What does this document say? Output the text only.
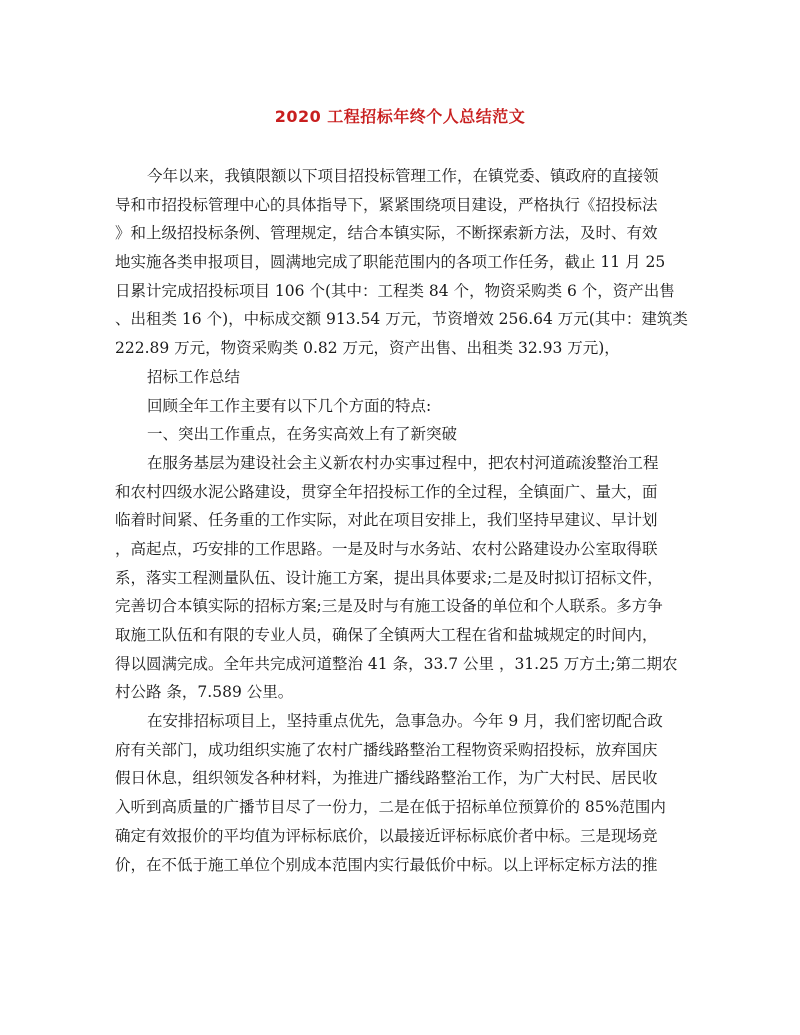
2020 工程招标年终个人总结范文
今年以来，我镇限额以下项目招投标管理工作，在镇党委、镇政府的直接领
导和市招投标管理中心的具体指导下，紧紧围绕项目建设，严格执行《招投标法
》和上级招投标条例、管理规定，结合本镇实际，不断探索新方法，及时、有效
地实施各类申报项目，圆满地完成了职能范围内的各项工作任务，截止 11 月 25
日累计完成招投标项目 106 个(其中：工程类 84 个，物资采购类 6 个，资产出售
、出租类 16 个)，中标成交额 913.54 万元，节资增效 256.64 万元(其中：建筑类
222.89 万元，物资采购类 0.82 万元，资产出售、出租类 32.93 万元)，
招标工作总结
回顾全年工作主要有以下几个方面的特点:
一、突出工作重点，在务实高效上有了新突破
在服务基层为建设社会主义新农村办实事过程中，把农村河道疏浚整治工程
和农村四级水泥公路建设，贯穿全年招投标工作的全过程，全镇面广、量大，面
临着时间紧、任务重的工作实际，对此在项目安排上，我们坚持早建议、早计划
，高起点，巧安排的工作思路。一是及时与水务站、农村公路建设办公室取得联
系，落实工程测量队伍、设计施工方案，提出具体要求;二是及时拟订招标文件，
完善切合本镇实际的招标方案;三是及时与有施工设备的单位和个人联系。多方争
取施工队伍和有限的专业人员，确保了全镇两大工程在省和盐城规定的时间内，
得以圆满完成。全年共完成河道整治 41 条，33.7 公里 ，31.25 万方土;第二期农
村公路 条，7.589 公里。
在安排招标项目上，坚持重点优先，急事急办。今年 9 月，我们密切配合政
府有关部门，成功组织实施了农村广播线路整治工程物资采购招投标，放弃国庆
假日休息，组织领发各种材料，为推进广播线路整治工作，为广大村民、居民收
入听到高质量的广播节目尽了一份力，二是在低于招标单位预算价的 85%范围内
确定有效报价的平均值为评标标底价，以最接近评标标底价者中标。三是现场竞
价，在不低于施工单位个别成本范围内实行最低价中标。以上评标定标方法的推
